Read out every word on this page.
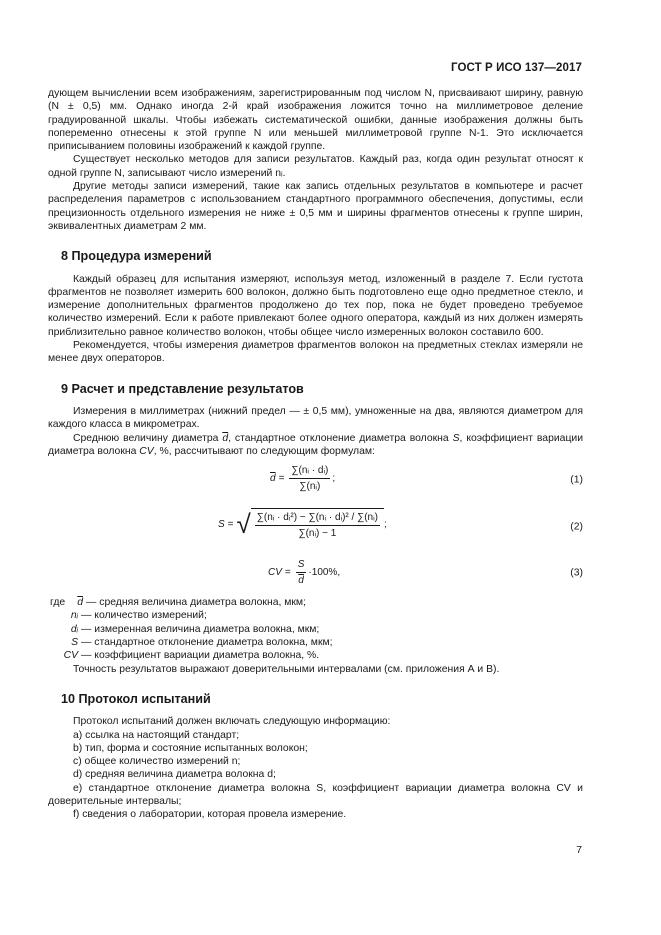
ГОСТ Р ИСО 137—2017

дующем вычислении всем изображениям, зарегистрированным под числом N, присваивают ширину, равную (N ± 0,5) мм. Однако иногда 2-й край изображения ложится точно на миллиметровое деление градуированной шкалы. Чтобы избежать систематической ошибки, данные изображения должны быть попеременно отнесены к этой группе N или меньшей миллиметровой группе N-1. Это исключается приписыванием половины изображений к каждой группе.

Существует несколько методов для записи результатов. Каждый раз, когда один результат относят к одной группе N, записывают число измерений nᵢ.

Другие методы записи измерений, такие как запись отдельных результатов в компьютере и расчет распределения параметров с использованием стандартного программного обеспечения, допустимы, если прецизионность отдельного измерения не ниже ± 0,5 мм и ширины фрагментов отнесены к группе ширин, эквивалентных диаметрам 2 мм.

8 Процедура измерений

Каждый образец для испытания измеряют, используя метод, изложенный в разделе 7. Если густота фрагментов не позволяет измерить 600 волокон, должно быть подготовлено еще одно предметное стекло, и измерение дополнительных фрагментов продолжено до тех пор, пока не будет проведено требуемое количество измерений. Если к работе привлекают более одного оператора, каждый из них должен измерять приблизительно равное количество волокон, чтобы общее число измеренных волокон составило 600.

Рекомендуется, чтобы измерения диаметров фрагментов волокон на предметных стеклах измеряли не менее двух операторов.

9 Расчет и представление результатов

Измерения в миллиметрах (нижний предел — ± 0,5 мм), умноженные на два, являются диаметром для каждого класса в микрометрах.

Среднюю величину диаметра $\overline{d}$, стандартное отклонение диаметра волокна S, коэффициент вариации диаметра волокна CV, %, рассчитывают по следующим формулам:

$\overline{d} = \frac{\text{∑(nᵢ · dᵢ)}}{\text{∑(nᵢ)}}$ ;	(1)
S = √ $\frac{\text{∑(nᵢ · dᵢ²) − ∑(nᵢ · dᵢ)² / ∑(nᵢ)}}{\text{∑(nᵢ) − 1}}$ ;	(2)
CV = $\frac{S}{d} \cdot 100\%$,	(3)
где	$\overline{d}$ — средняя величина диаметра волокна, мкм;
nᵢ — количество измерений;
dᵢ — измеренная величина диаметра волокна, мкм;
S — стандартное отклонение диаметра волокна, мкм;
CV — коэффициент вариации диаметра волокна, %.

Точность результатов выражают доверительными интервалами (см. приложения А и В).

10 Протокол испытаний

Протокол испытаний должен включать следующую информацию:

а) ссылка на настоящий стандарт;

b) тип, форма и состояние испытанных волокон;

с) общее количество измерений n;

d) средняя величина диаметра волокна d;

е) стандартное отклонение диаметра волокна S, коэффициент вариации диаметра волокна CV и доверительные интервалы;

f) сведения о лаборатории, которая провела измерение.

7
